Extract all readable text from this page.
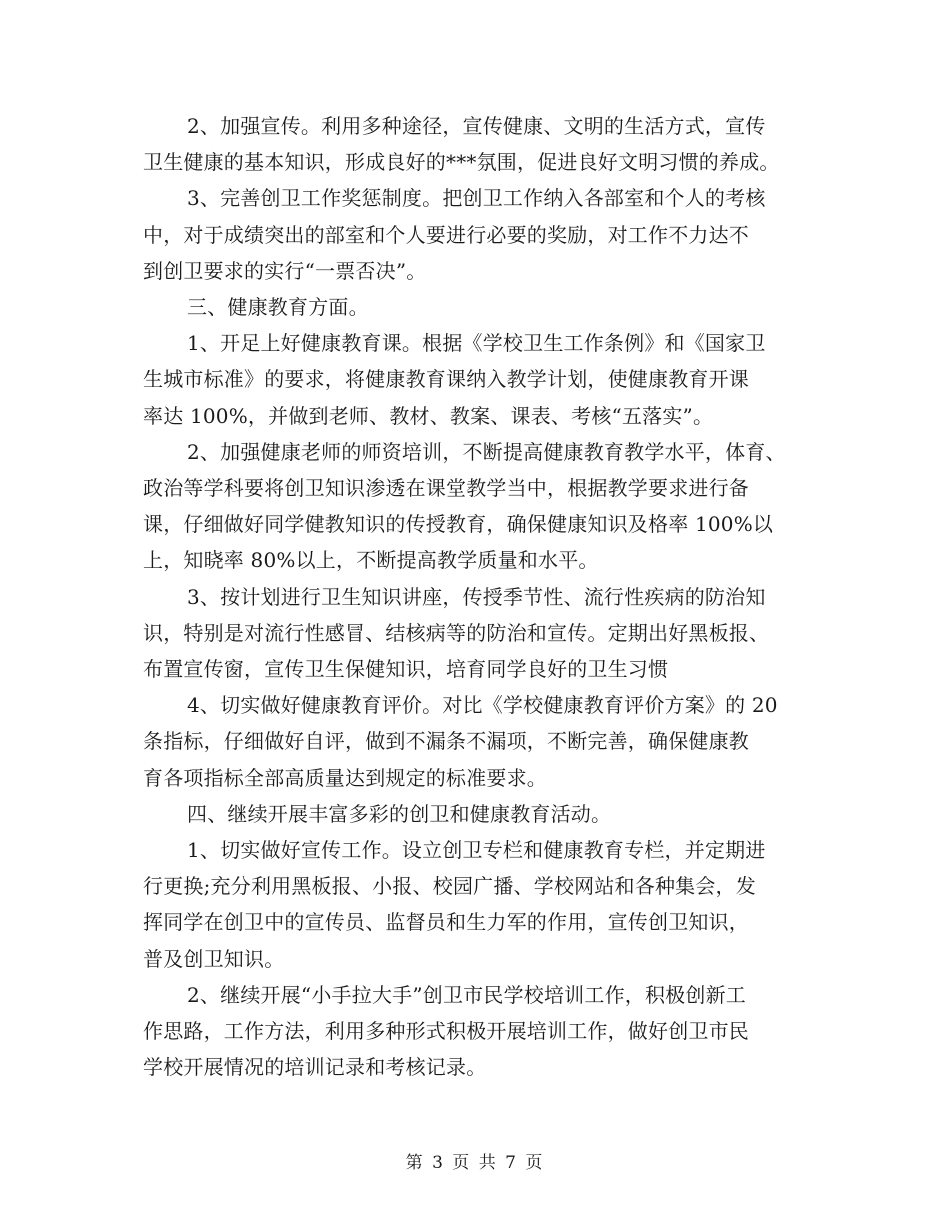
2、加强宣传。利用多种途径，宣传健康、文明的生活方式，宣传
卫生健康的基本知识，形成良好的***氛围，促进良好文明习惯的养成。

3、完善创卫工作奖惩制度。把创卫工作纳入各部室和个人的考核
中，对于成绩突出的部室和个人要进行必要的奖励，对工作不力达不
到创卫要求的实行“一票否决”。

三、健康教育方面。

1、开足上好健康教育课。根据《学校卫生工作条例》和《国家卫
生城市标准》的要求，将健康教育课纳入教学计划，使健康教育开课
率达 100%，并做到老师、教材、教案、课表、考核“五落实”。

2、加强健康老师的师资培训，不断提高健康教育教学水平，体育、
政治等学科要将创卫知识渗透在课堂教学当中，根据教学要求进行备
课，仔细做好同学健教知识的传授教育，确保健康知识及格率 100%以
上，知晓率 80%以上，不断提高教学质量和水平。

3、按计划进行卫生知识讲座，传授季节性、流行性疾病的防治知
识，特别是对流行性感冒、结核病等的防治和宣传。定期出好黑板报、
布置宣传窗，宣传卫生保健知识，培育同学良好的卫生习惯

4、切实做好健康教育评价。对比《学校健康教育评价方案》的 20
条指标，仔细做好自评，做到不漏条不漏项，不断完善，确保健康教
育各项指标全部高质量达到规定的标准要求。

四、继续开展丰富多彩的创卫和健康教育活动。

1、切实做好宣传工作。设立创卫专栏和健康教育专栏，并定期进
行更换;充分利用黑板报、小报、校园广播、学校网站和各种集会，发
挥同学在创卫中的宣传员、监督员和生力军的作用，宣传创卫知识，
普及创卫知识。

2、继续开展“小手拉大手”创卫市民学校培训工作，积极创新工
作思路，工作方法，利用多种形式积极开展培训工作，做好创卫市民
学校开展情况的培训记录和考核记录。

第 3 页 共 7 页
